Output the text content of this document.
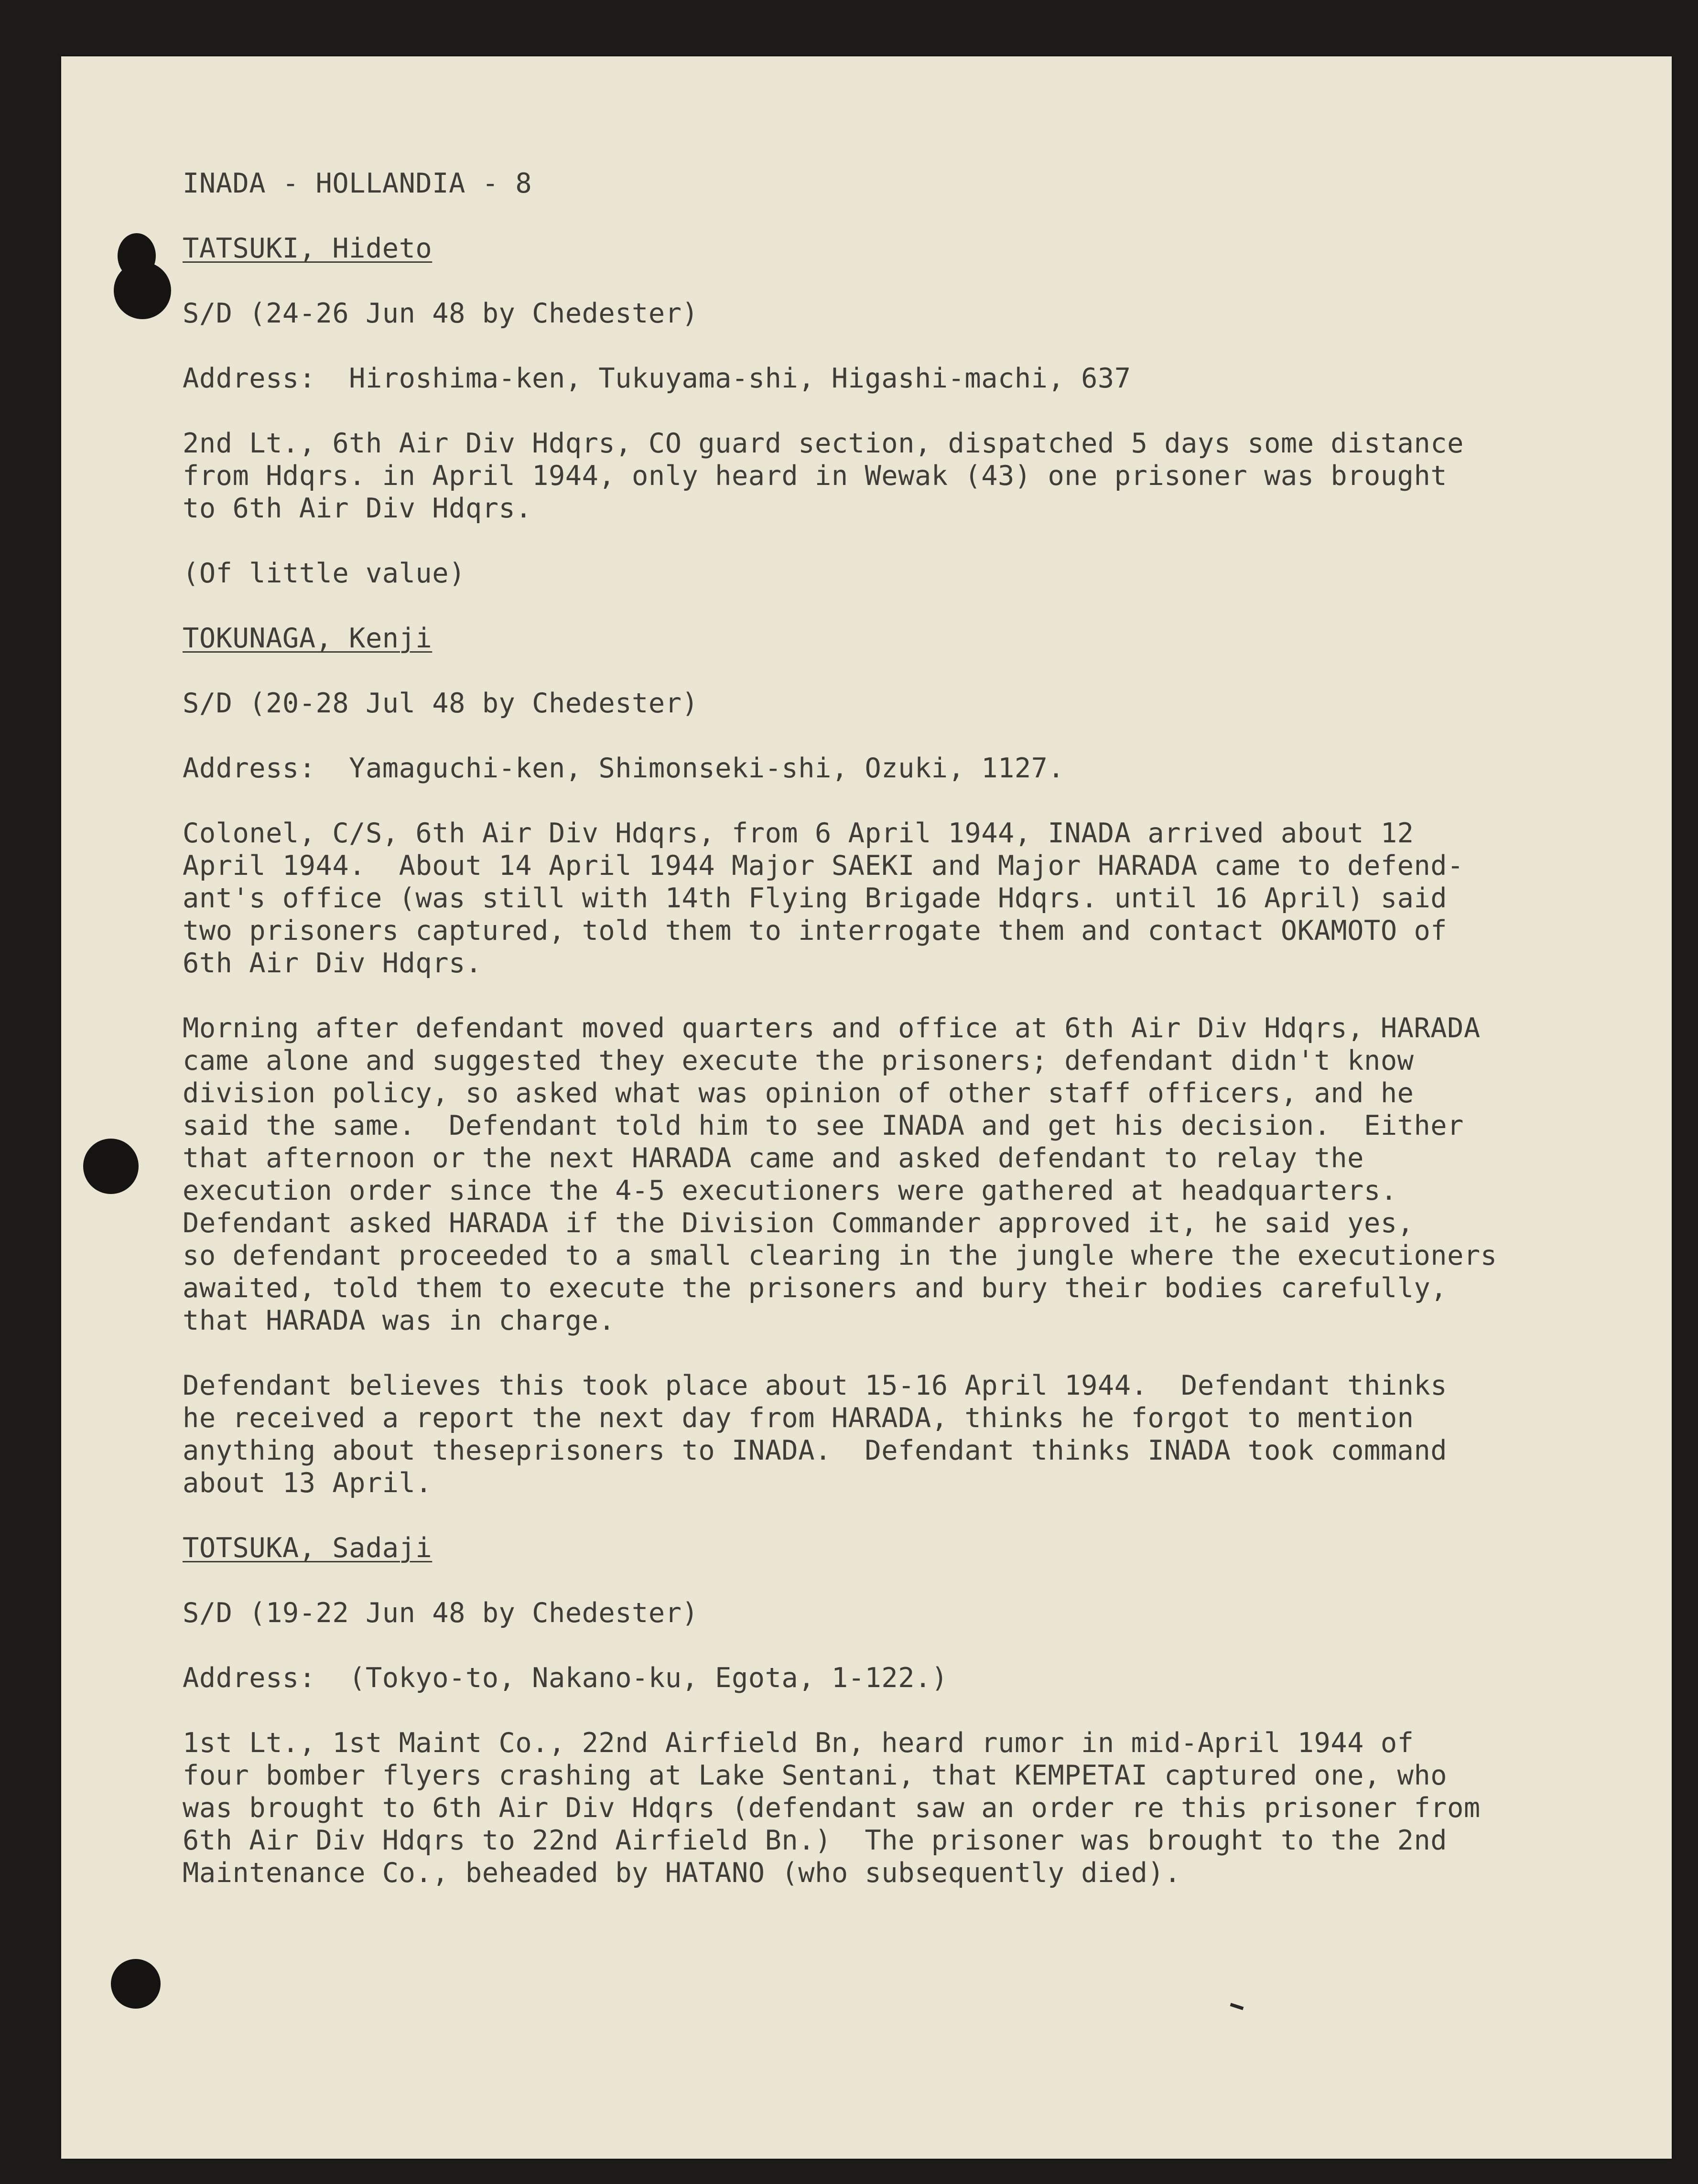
INADA - HOLLANDIA - 8
TATSUKI, Hideto
S/D (24-26 Jun 48 by Chedester)
Address:  Hiroshima-ken, Tukuyama-shi, Higashi-machi, 637
2nd Lt., 6th Air Div Hdqrs, CO guard section, dispatched 5 days some distance
from Hdqrs. in April 1944, only heard in Wewak (43) one prisoner was brought
to 6th Air Div Hdqrs.
(Of little value)
TOKUNAGA, Kenji
S/D (20-28 Jul 48 by Chedester)
Address:  Yamaguchi-ken, Shimonseki-shi, Ozuki, 1127.
Colonel, C/S, 6th Air Div Hdqrs, from 6 April 1944, INADA arrived about 12
April 1944.  About 14 April 1944 Major SAEKI and Major HARADA came to defend-
ant's office (was still with 14th Flying Brigade Hdqrs. until 16 April) said
two prisoners captured, told them to interrogate them and contact OKAMOTO of
6th Air Div Hdqrs.
Morning after defendant moved quarters and office at 6th Air Div Hdqrs, HARADA
came alone and suggested they execute the prisoners; defendant didn't know
division policy, so asked what was opinion of other staff officers, and he
said the same.  Defendant told him to see INADA and get his decision.  Either
that afternoon or the next HARADA came and asked defendant to relay the
execution order since the 4-5 executioners were gathered at headquarters.
Defendant asked HARADA if the Division Commander approved it, he said yes,
so defendant proceeded to a small clearing in the jungle where the executioners
awaited, told them to execute the prisoners and bury their bodies carefully,
that HARADA was in charge.
Defendant believes this took place about 15-16 April 1944.  Defendant thinks
he received a report the next day from HARADA, thinks he forgot to mention
anything about theseprisoners to INADA.  Defendant thinks INADA took command
about 13 April.
TOTSUKA, Sadaji
S/D (19-22 Jun 48 by Chedester)
Address:  (Tokyo-to, Nakano-ku, Egota, 1-122.)
1st Lt., 1st Maint Co., 22nd Airfield Bn, heard rumor in mid-April 1944 of
four bomber flyers crashing at Lake Sentani, that KEMPETAI captured one, who
was brought to 6th Air Div Hdqrs (defendant saw an order re this prisoner from
6th Air Div Hdqrs to 22nd Airfield Bn.)  The prisoner was brought to the 2nd
Maintenance Co., beheaded by HATANO (who subsequently died).
